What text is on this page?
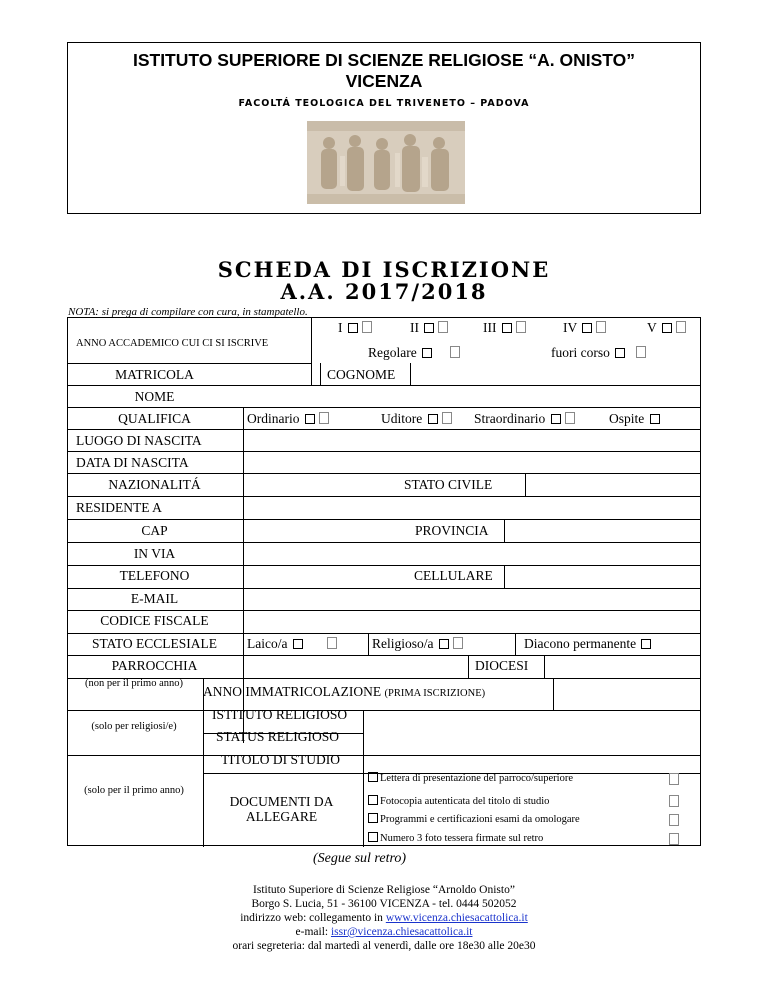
ISTITUTO SUPERIORE DI SCIENZE RELIGIOSE “A. ONISTO”
VICENZA
FACOLTÁ TEOLOGICA DEL TRIVENETO – PADOVA
SCHEDA DI ISCRIZIONE
A.A. 2017/2018
NOTA: si prega di compilare con cura, in stampatello.
ANNO ACCADEMICO CUI CI SI ISCRIVE
I	II	III	IV	V
Regolare	fuori corso
MATRICOLA	COGNOME
NOME
QUALIFICA	Ordinario	Uditore	Straordinario	Ospite
LUOGO DI NASCITA
DATA DI NASCITA
NAZIONALITÁ	STATO CIVILE
RESIDENTE A
CAP	PROVINCIA
IN VIA
TELEFONO	CELLULARE
E-MAIL
CODICE FISCALE
STATO ECCLESIALE	Laico/a	Religioso/a	Diacono permanente
PARROCCHIA	DIOCESI
(non per il primo anno)
ANNO IMMATRICOLAZIONE (PRIMA ISCRIZIONE)
(solo per religiosi/e)
ISTITUTO RELIGIOSO
STATUS RELIGIOSO
TITOLO DI STUDIO
(solo per il primo anno)
DOCUMENTI DA ALLEGARE
Lettera di presentazione del parroco/superiore
Fotocopia autenticata del titolo di studio
Programmi e certificazioni esami da omologare
Numero 3 foto tessera firmate sul retro
(Segue sul retro)
Istituto Superiore di Scienze Religiose “Arnoldo Onisto”
Borgo S. Lucia, 51 - 36100 VICENZA - tel. 0444 502052
indirizzo web: collegamento in www.vicenza.chiesacattolica.it
e-mail: issr@vicenza.chiesacattolica.it
orari segreteria: dal martedì al venerdì, dalle ore 18e30 alle 20e30
